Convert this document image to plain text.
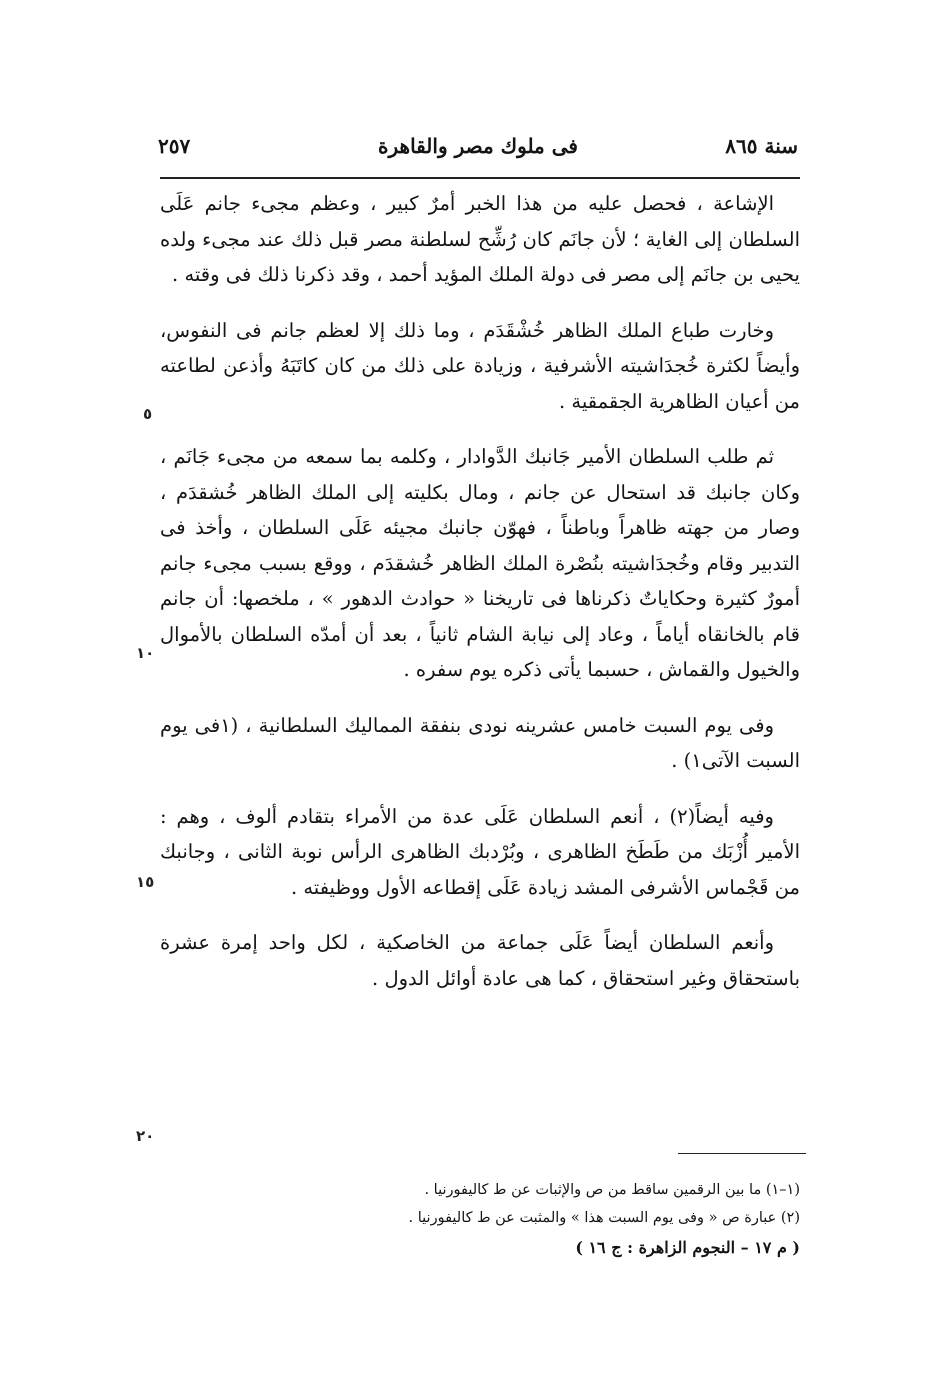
سنة ٨٦٥
فى ملوك مصر والقاهرة
٢٥٧

الإشاعة ، فحصل عليه من هذا الخبر أمرٌ كبير ، وعظم مجىء جانم عَلَى السلطان إلى الغاية ؛ لأن جانَم كان رُشِّح لسلطنة مصر قبل ذلك عند مجىء ولده يحيى بن جانَم إلى مصر فى دولة الملك المؤيد أحمد ، وقد ذكرنا ذلك فى وقته .

وخارت طباع الملك الظاهر خُشْقَدَم ، وما ذلك إلا لعظم جانم فى النفوس، وأيضاً لكثرة خُجدَاشيته الأشرفية ، وزيادة على ذلك من كان كاتَبَهُ وأذعن لطاعته من أعيان الظاهرية الجقمقية .

ثم طلب السلطان الأمير جَانبك الدَّوادار ، وكلمه بما سمعه من مجىء جَانَم ، وكان جانبك قد استحال عن جانم ، ومال بكليته إلى الملك الظاهر خُشقدَم ، وصار من جهته ظاهراً وباطناً ، فهوّن جانبك مجيئه عَلَى السلطان ، وأخذ فى التدبير وقام وخُجدَاشيته بنُصْرة الملك الظاهر خُشقدَم ، ووقع بسبب مجىء جانم أمورٌ كثيرة وحكاياتٌ ذكرناها فى تاريخنا « حوادث الدهور » ، ملخصها: أن جانم قام بالخانقاه أياماً ، وعاد إلى نيابة الشام ثانياً ، بعد أن أمدّه السلطان بالأموال والخيول والقماش ، حسبما يأتى ذكره يوم سفره .

وفى يوم السبت خامس عشرينه نودى بنفقة المماليك السلطانية ، (١فى يوم السبت الآتى١) .

وفيه أيضاً(٢) ، أنعم السلطان عَلَى عدة من الأمراء بتقادم ألوف ، وهم : الأمير أُزْبَك من طَطَخ الظاهرى ، وبُرْدبك الظاهرى الرأس نوبة الثانى ، وجانبك من قَجْماس الأشرفى المشد زيادة عَلَى إقطاعه الأول ووظيفته .

وأنعم السلطان أيضاً عَلَى جماعة من الخاصكية ، لكل واحد إمرة عشرة باستحقاق وغير استحقاق ، كما هى عادة أوائل الدول .

٥
١٠
١٥
٢٠
(١–١) ما بين الرقمين ساقط من ص والإثبات عن ط كاليفورنيا .
(٢) عبارة ص « وفى يوم السبت هذا » والمثبت عن ط كاليفورنيا .
( م ١٧ – النجوم الزاهرة : ج ١٦ )
